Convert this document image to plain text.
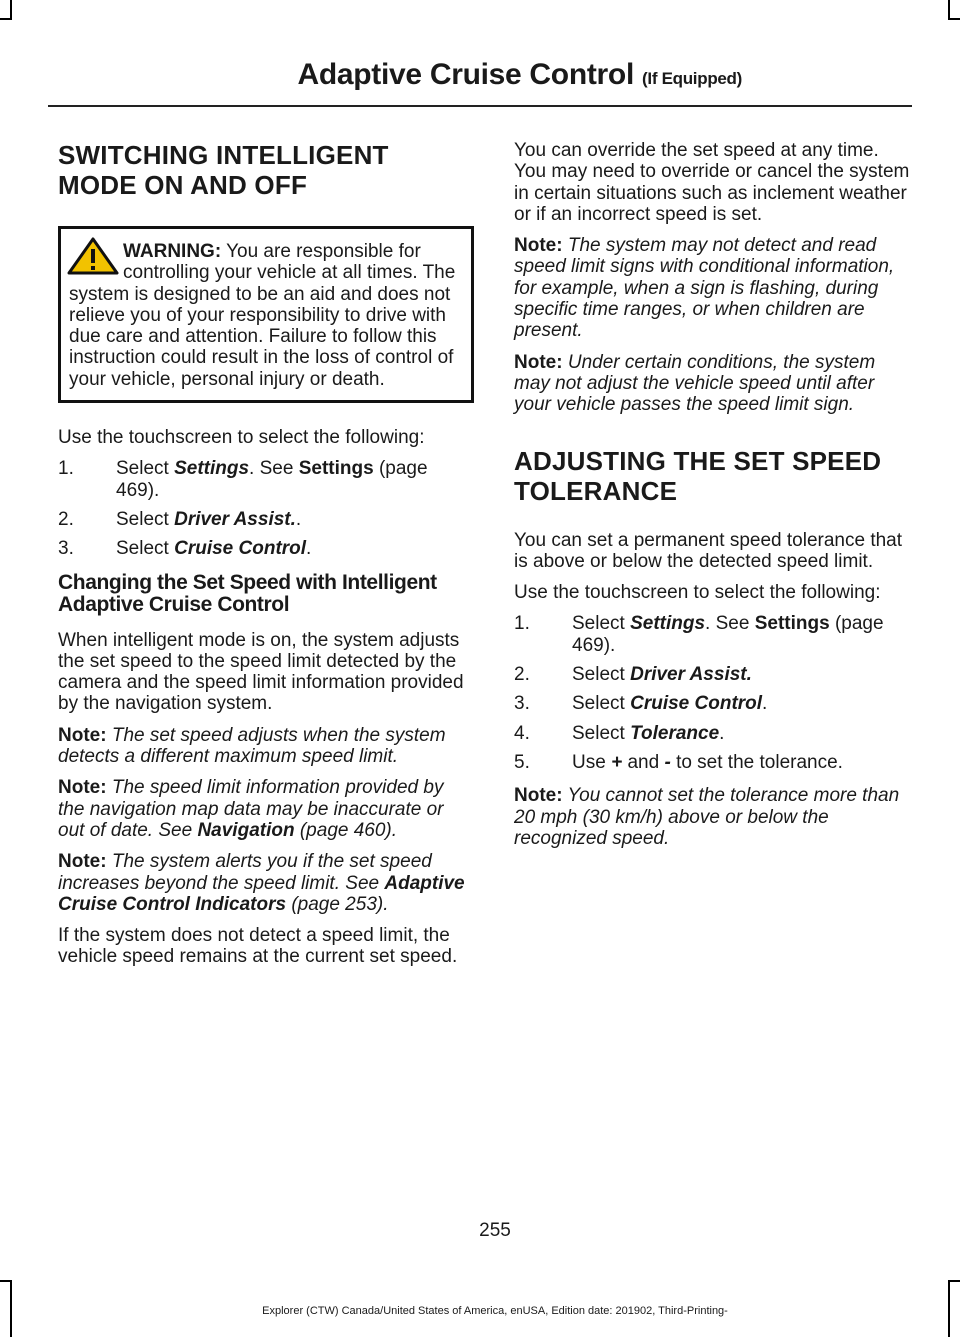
Adaptive Cruise Control (If Equipped)
SWITCHING INTELLIGENT
MODE ON AND OFF
WARNING: You are responsible for controlling your vehicle at all times. The system is designed to be an aid and does not relieve you of your responsibility to drive with due care and attention. Failure to follow this instruction could result in the loss of control of your vehicle, personal injury or death.

Use the touchscreen to select the following:

1. Select Settings. See Settings (page 469).
2. Select Driver Assist..
3. Select Cruise Control.
Changing the Set Speed with Intelligent Adaptive Cruise Control

When intelligent mode is on, the system adjusts the set speed to the speed limit detected by the camera and the speed limit information provided by the navigation system.

Note: The set speed adjusts when the system detects a different maximum speed limit.

Note: The speed limit information provided by the navigation map data may be inaccurate or out of date. See Navigation (page 460).

Note: The system alerts you if the set speed increases beyond the speed limit. See Adaptive Cruise Control Indicators (page 253).

If the system does not detect a speed limit, the vehicle speed remains at the current set speed.

You can override the set speed at any time. You may need to override or cancel the system in certain situations such as inclement weather or if an incorrect speed is set.

Note: The system may not detect and read speed limit signs with conditional information, for example, when a sign is flashing, during specific time ranges, or when children are present.

Note: Under certain conditions, the system may not adjust the vehicle speed until after your vehicle passes the speed limit sign.

ADJUSTING THE SET SPEED
TOLERANCE

You can set a permanent speed tolerance that is above or below the detected speed limit.

Use the touchscreen to select the following:

1. Select Settings. See Settings (page 469).
2. Select Driver Assist.
3. Select Cruise Control.
4. Select Tolerance.
5. Use + and - to set the tolerance.

Note: You cannot set the tolerance more than 20 mph (30 km/h) above or below the recognized speed.

255
Explorer (CTW) Canada/United States of America, enUSA, Edition date: 201902, Third-Printing-
